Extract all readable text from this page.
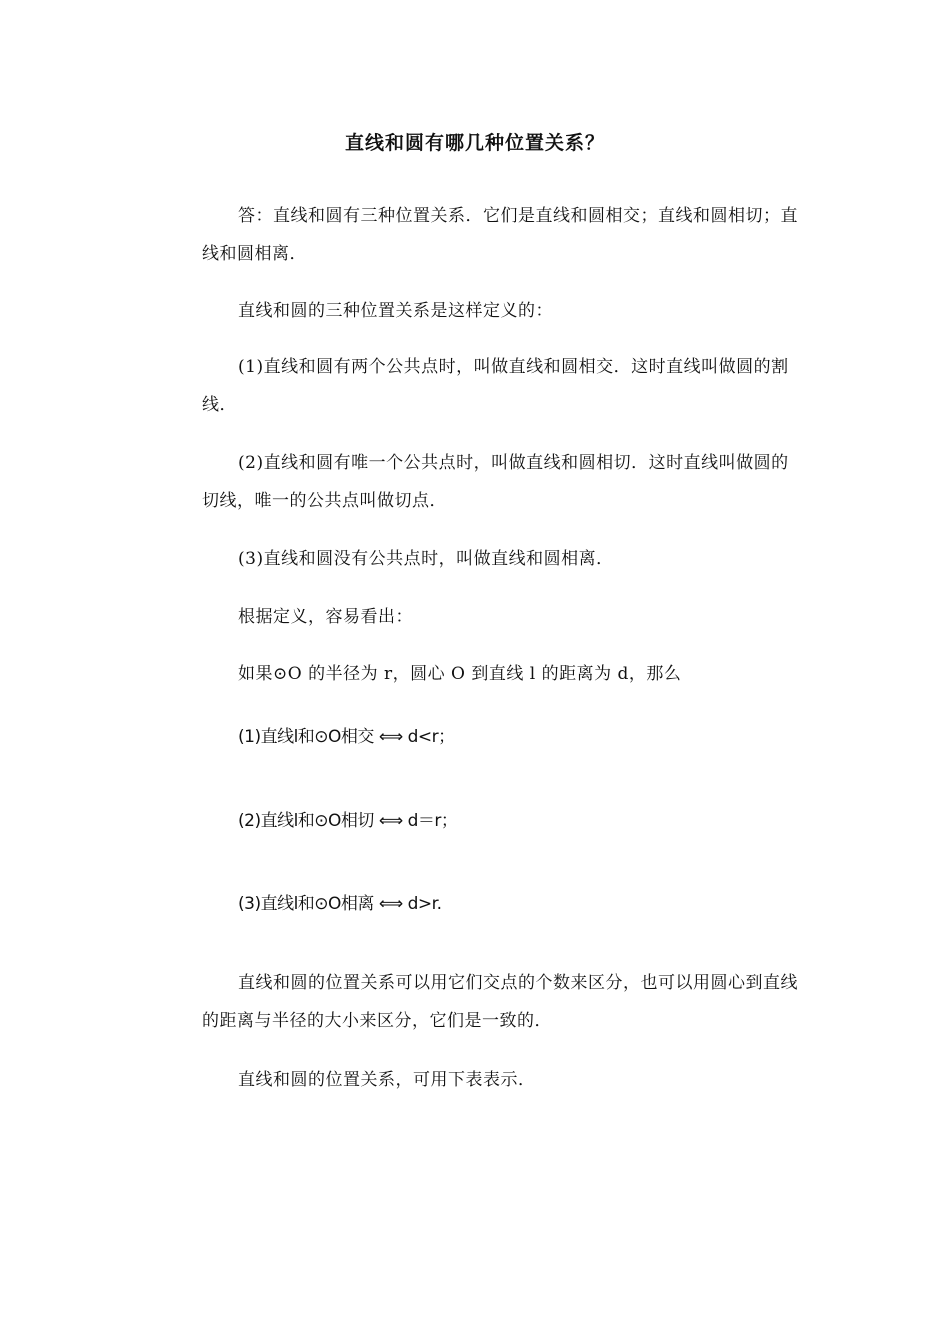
直线和圆有哪几种位置关系？
答：直线和圆有三种位置关系．它们是直线和圆相交；直线和圆相切；直线和圆相离．
直线和圆的三种位置关系是这样定义的：
(1)直线和圆有两个公共点时，叫做直线和圆相交．这时直线叫做圆的割线．
(2)直线和圆有唯一个公共点时，叫做直线和圆相切．这时直线叫做圆的切线，唯一的公共点叫做切点．
(3)直线和圆没有公共点时，叫做直线和圆相离．
根据定义，容易看出：
如果⊙O 的半径为 r，圆心 O 到直线 l 的距离为 d，那么
(1)直线l和⊙O相交 ⟺ d<r；
(2)直线l和⊙O相切 ⟺ d＝r；
(3)直线l和⊙O相离 ⟺ d>r.
直线和圆的位置关系可以用它们交点的个数来区分，也可以用圆心到直线的距离与半径的大小来区分，它们是一致的．
直线和圆的位置关系，可用下表表示．
